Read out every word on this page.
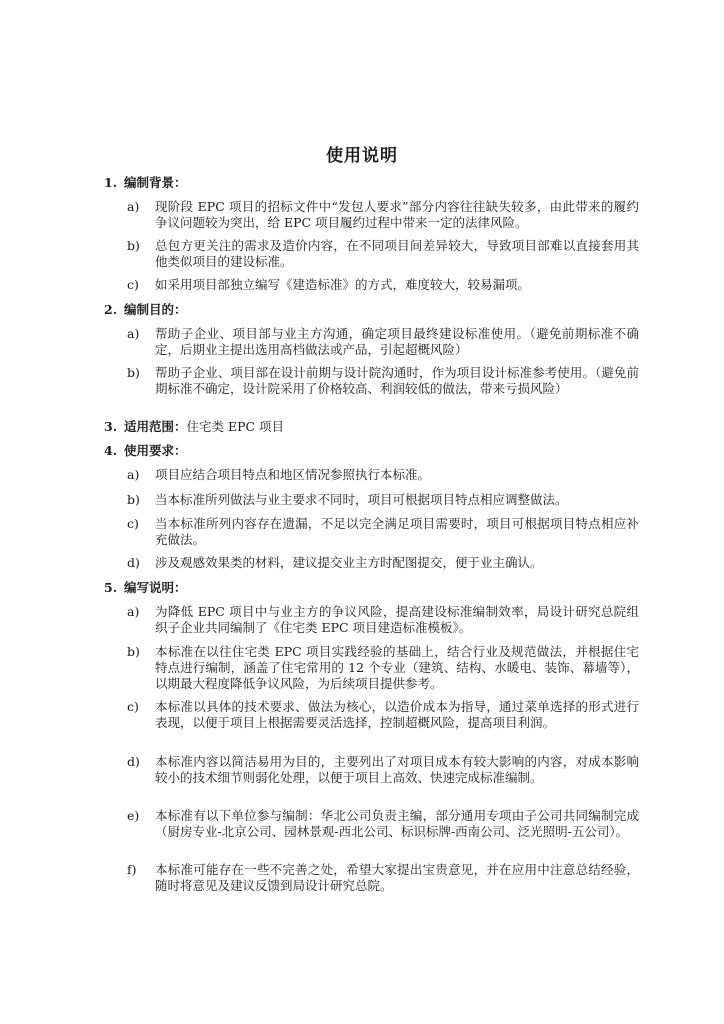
使用说明
1. 编制背景：
a)	现阶段 EPC 项目的招标文件中“发包人要求”部分内容往往缺失较多，由此带来的履约争议问题较为突出，给 EPC 项目履约过程中带来一定的法律风险。
b)	总包方更关注的需求及造价内容，在不同项目间差异较大，导致项目部难以直接套用其他类似项目的建设标准。
c)	如采用项目部独立编写《建造标准》的方式，难度较大，较易漏项。
2. 编制目的：
a)	帮助子企业、项目部与业主方沟通，确定项目最终建设标准使用。（避免前期标准不确定，后期业主提出选用高档做法或产品，引起超概风险）
b)	帮助子企业、项目部在设计前期与设计院沟通时，作为项目设计标准参考使用。（避免前期标准不确定，设计院采用了价格较高、利润较低的做法，带来亏损风险）
3. 适用范围：住宅类 EPC 项目
4. 使用要求：
a)	项目应结合项目特点和地区情况参照执行本标准。
b)	当本标准所列做法与业主要求不同时，项目可根据项目特点相应调整做法。
c)	当本标准所列内容存在遗漏，不足以完全满足项目需要时，项目可根据项目特点相应补充做法。
d)	涉及观感效果类的材料，建议提交业主方时配图提交，便于业主确认。
5. 编写说明：
a)	为降低 EPC 项目中与业主方的争议风险，提高建设标准编制效率，局设计研究总院组织子企业共同编制了《住宅类 EPC 项目建造标准模板》。
b)	本标准在以往住宅类 EPC 项目实践经验的基础上，结合行业及规范做法，并根据住宅特点进行编制，涵盖了住宅常用的 12 个专业（建筑、结构、水暖电、装饰、幕墙等），以期最大程度降低争议风险，为后续项目提供参考。
c)	本标准以具体的技术要求、做法为核心，以造价成本为指导，通过菜单选择的形式进行表现，以便于项目上根据需要灵活选择，控制超概风险，提高项目利润。
d)	本标准内容以简洁易用为目的，主要列出了对项目成本有较大影响的内容，对成本影响较小的技术细节则弱化处理，以便于项目上高效、快速完成标准编制。
e)	本标准有以下单位参与编制：华北公司负责主编，部分通用专项由子公司共同编制完成（厨房专业-北京公司、园林景观-西北公司、标识标牌-西南公司、泛光照明-五公司）。
f)	本标准可能存在一些不完善之处，希望大家提出宝贵意见，并在应用中注意总结经验，随时将意见及建议反馈到局设计研究总院。
